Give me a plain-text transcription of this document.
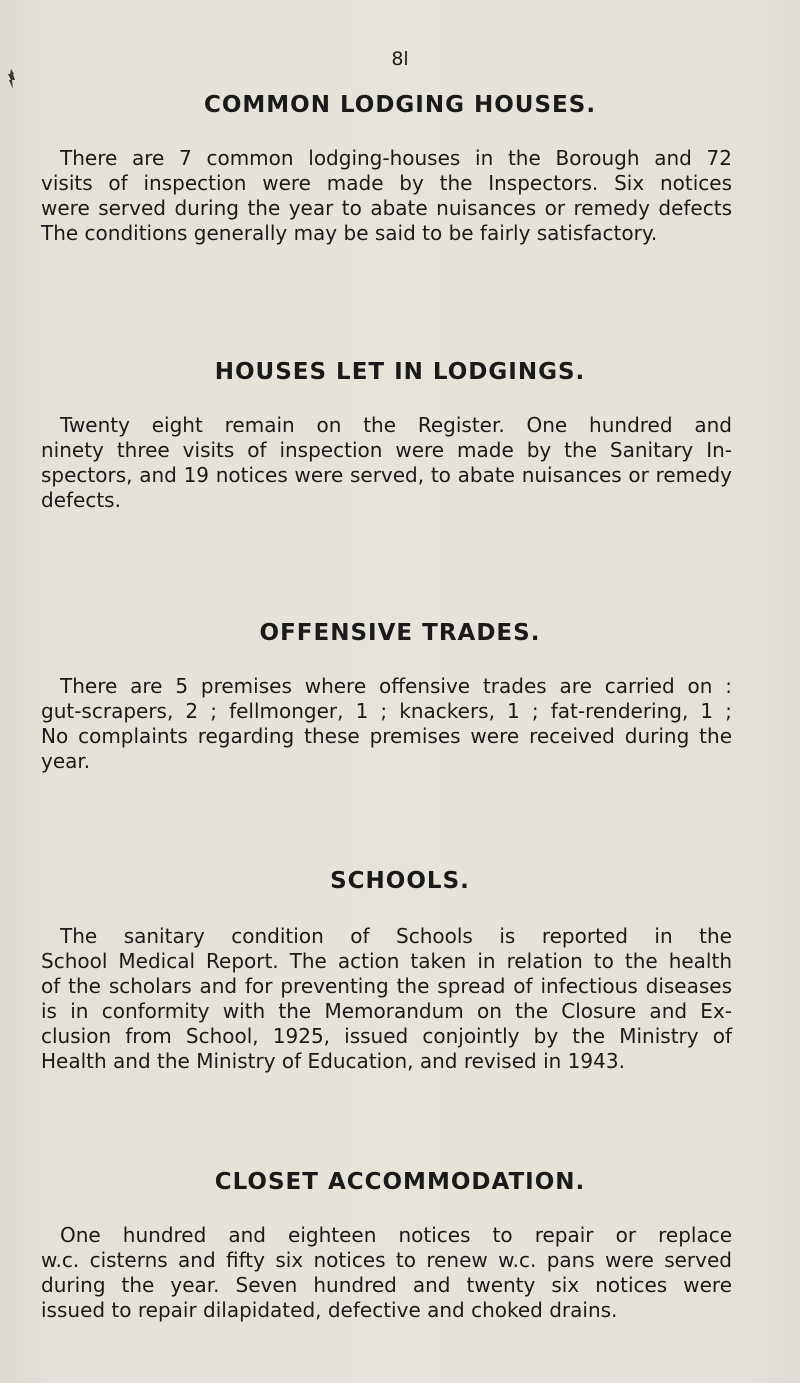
8l
COMMON LODGING HOUSES.
There are 7 common lodging-houses in the Borough and 72
visits of inspection were made by the Inspectors. Six notices
were served during the year to abate nuisances or remedy defects
The conditions generally may be said to be fairly satisfactory.
HOUSES LET IN LODGINGS.
Twenty eight remain on the Register. One hundred and
ninety three visits of inspection were made by the Sanitary In-
spectors, and 19 notices were served, to abate nuisances or remedy
defects.
OFFENSIVE TRADES.
There are 5 premises where offensive trades are carried on :
gut-scrapers, 2 ; fellmonger, 1 ; knackers, 1 ; fat-rendering, 1 ;
No complaints regarding these premises were received during the
year.
SCHOOLS.
The sanitary condition of Schools is reported in the
School Medical Report. The action taken in relation to the health
of the scholars and for preventing the spread of infectious diseases
is in conformity with the Memorandum on the Closure and Ex-
clusion from School, 1925, issued conjointly by the Ministry of
Health and the Ministry of Education, and revised in 1943.
CLOSET ACCOMMODATION.
One hundred and eighteen notices to repair or replace
w.c. cisterns and fifty six notices to renew w.c. pans were served
during the year. Seven hundred and twenty six notices were
issued to repair dilapidated, defective and choked drains.
